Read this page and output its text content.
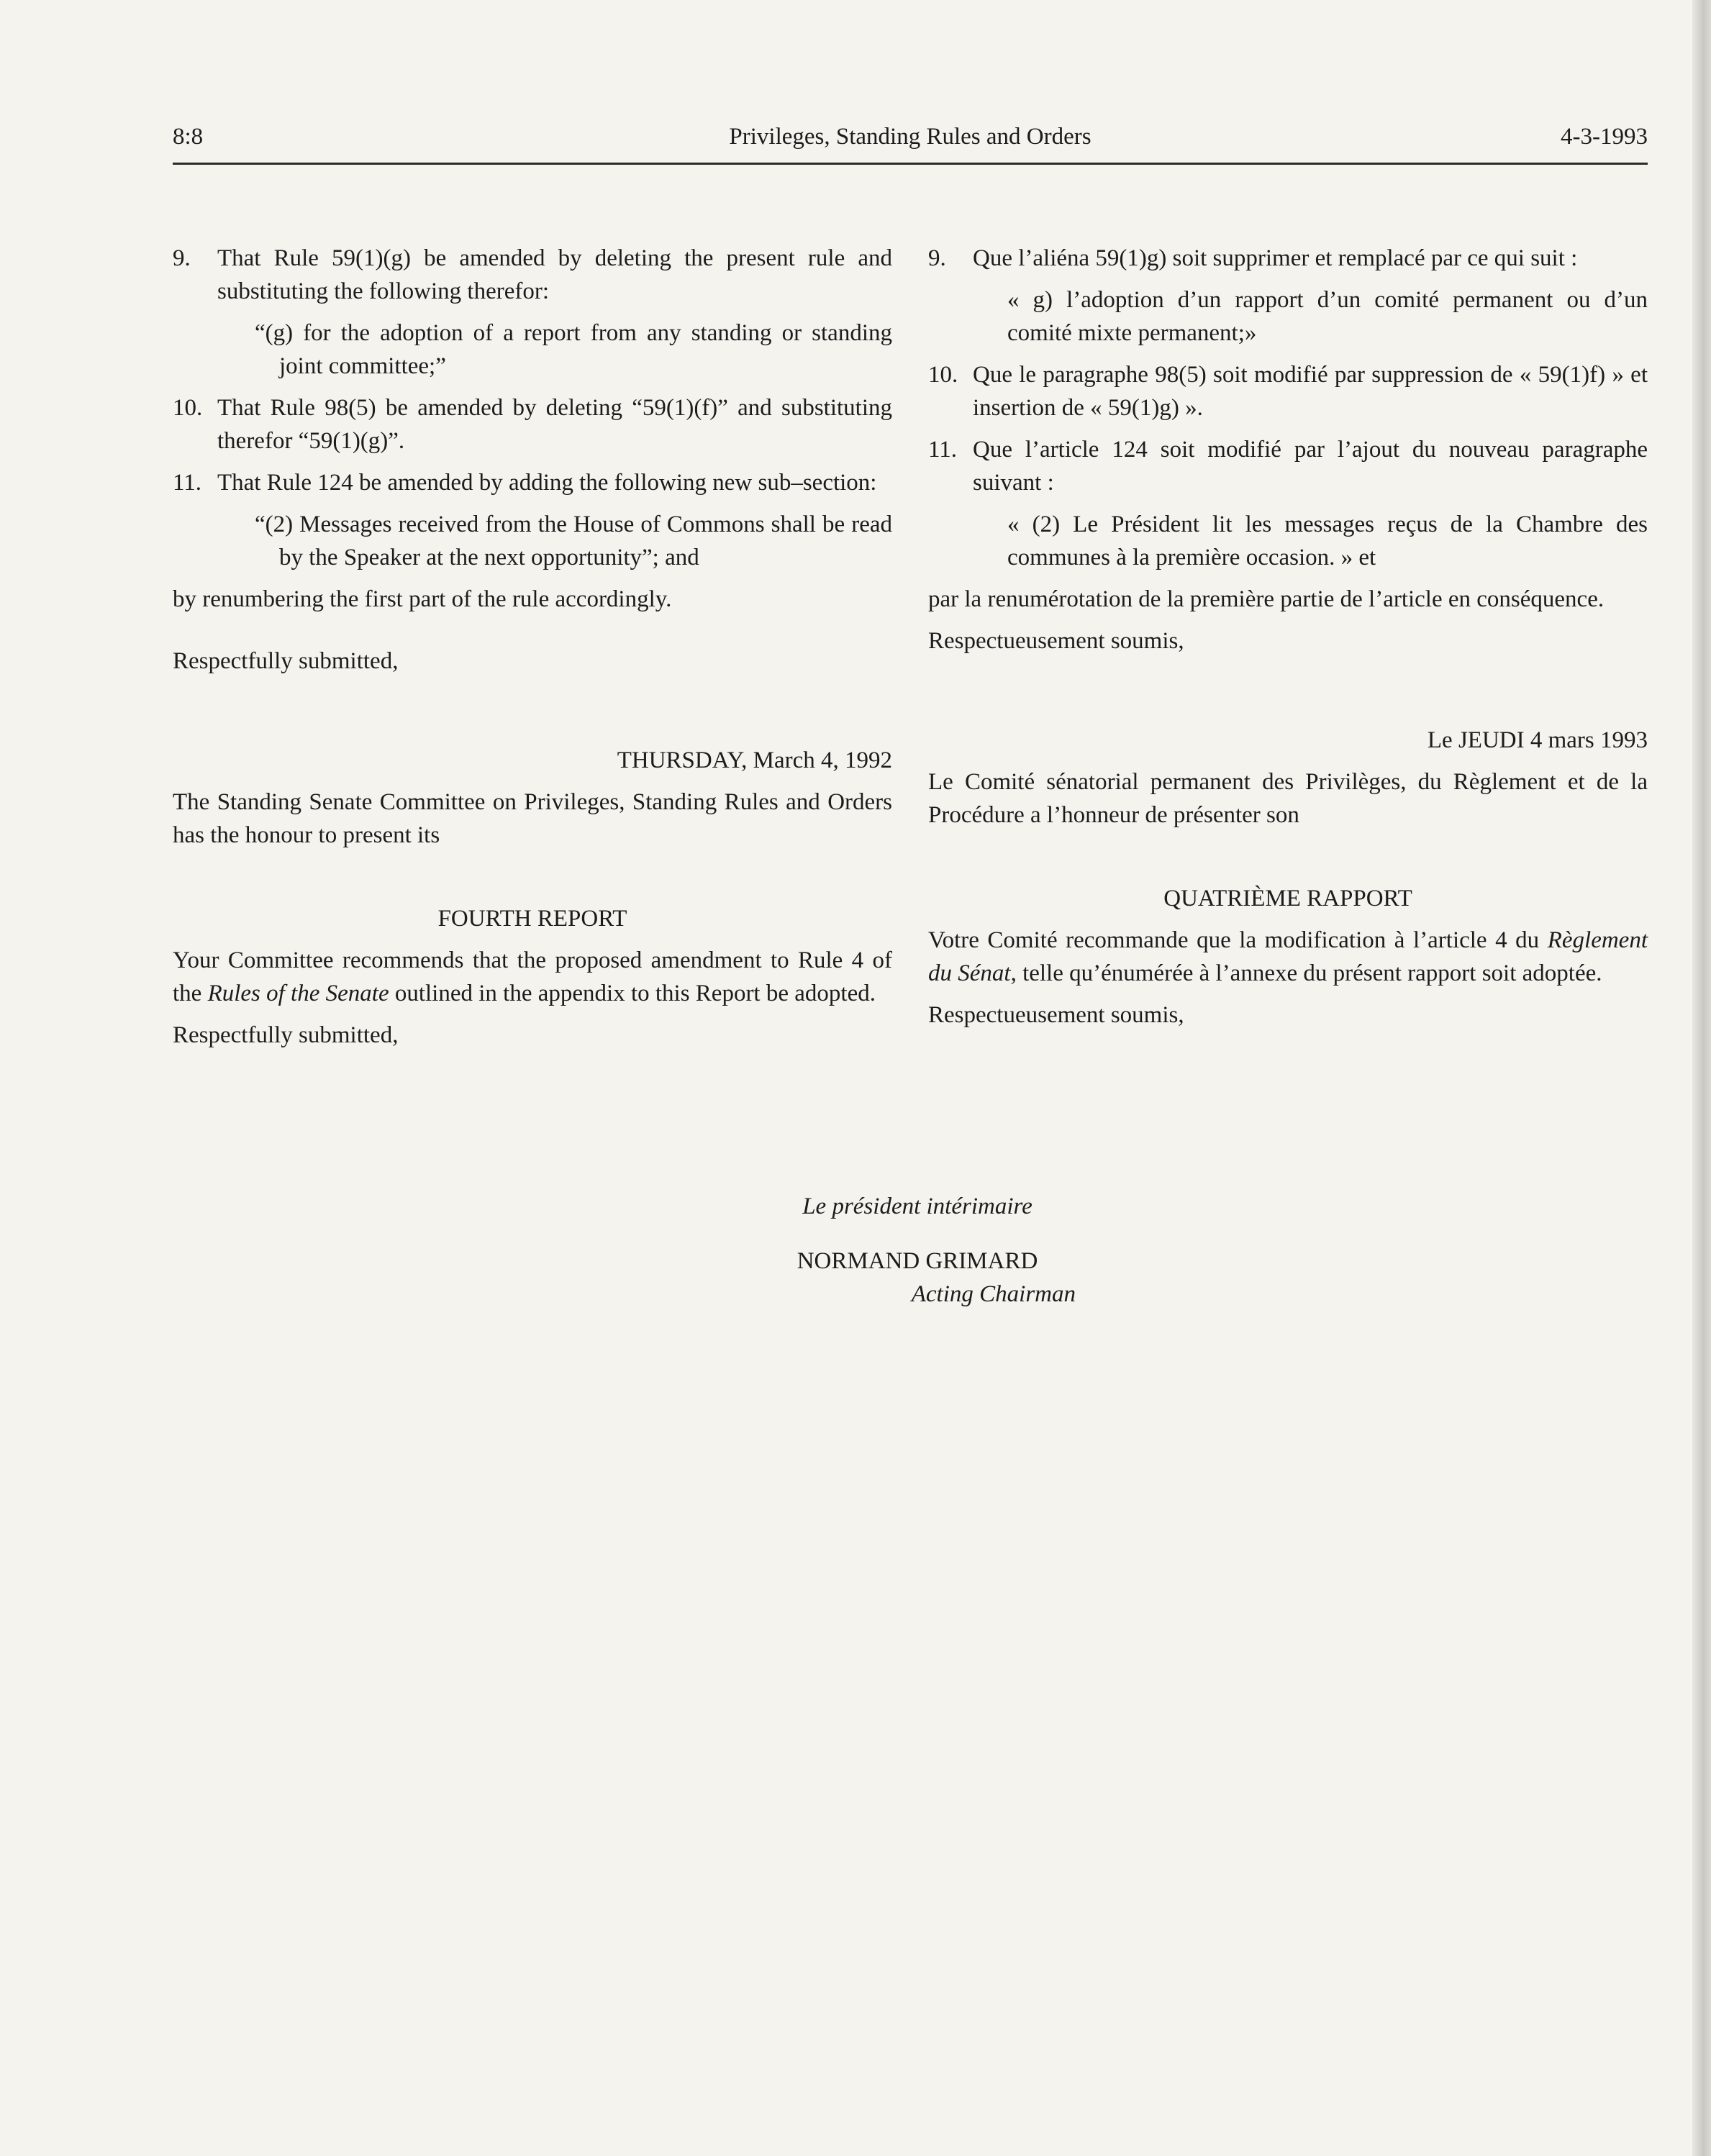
8:8	Privileges, Standing Rules and Orders	4-3-1993
9. That Rule 59(1)(g) be amended by deleting the present rule and substituting the following therefor:
“(g) for the adoption of a report from any standing or standing joint committee;”
10. That Rule 98(5) be amended by deleting “59(1)(f)” and substituting therefor “59(1)(g)”.
11. That Rule 124 be amended by adding the following new sub–section:
“(2) Messages received from the House of Commons shall be read by the Speaker at the next opportunity”; and

by renumbering the first part of the rule accordingly.

Respectfully submitted,

THURSDAY, March 4, 1992

The Standing Senate Committee on Privileges, Standing Rules and Orders has the honour to present its

FOURTH REPORT

Your Committee recommends that the proposed amendment to Rule 4 of the Rules of the Senate outlined in the appendix to this Report be adopted.

Respectfully submitted,

9. Que l’aliéna 59(1)g) soit supprimer et remplacé par ce qui suit :
« g) l’adoption d’un rapport d’un comité permanent ou d’un comité mixte permanent;»
10. Que le paragraphe 98(5) soit modifié par suppression de « 59(1)f) » et insertion de « 59(1)g) ».
11. Que l’article 124 soit modifié par l’ajout du nouveau paragraphe suivant :
« (2) Le Président lit les messages reçus de la Chambre des communes à la première occasion. » et

par la renumérotation de la première partie de l’article en conséquence.

Respectueusement soumis,

Le JEUDI 4 mars 1993

Le Comité sénatorial permanent des Privilèges, du Règlement et de la Procédure a l’honneur de présenter son

QUATRIÈME RAPPORT

Votre Comité recommande que la modification à l’article 4 du Règlement du Sénat, telle qu’énumérée à l’annexe du présent rapport soit adoptée.

Respectueusement soumis,

Le président intérimaire
NORMAND GRIMARD
Acting Chairman
